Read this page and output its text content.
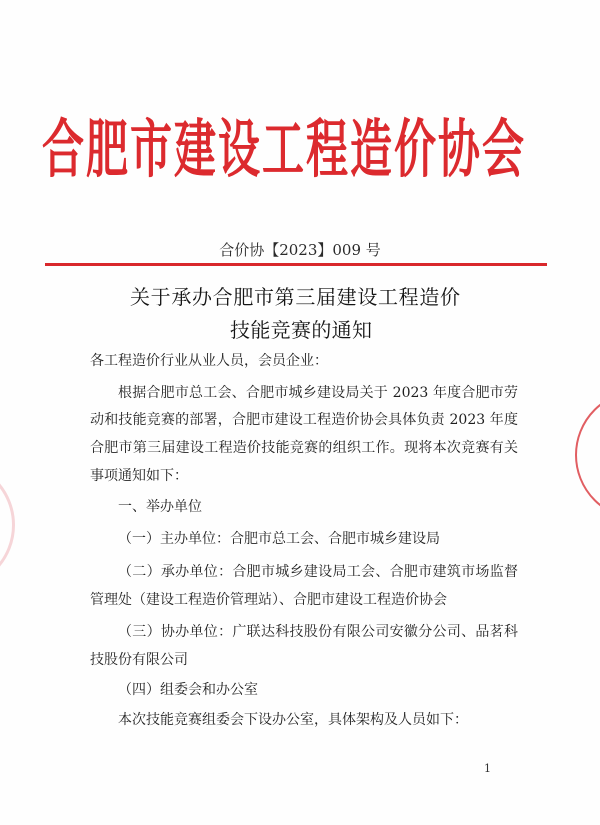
合肥市建设工程造价协会
合价协【2023】009 号
关于承办合肥市第三届建设工程造价
技能竞赛的通知
各工程造价行业从业人员，会员企业：
根据合肥市总工会、合肥市城乡建设局关于 2023 年度合肥市劳
动和技能竞赛的部署，合肥市建设工程造价协会具体负责 2023 年度
合肥市第三届建设工程造价技能竞赛的组织工作。现将本次竞赛有关
事项通知如下：
一、举办单位
（一）主办单位：合肥市总工会、合肥市城乡建设局
（二）承办单位：合肥市城乡建设局工会、合肥市建筑市场监督
管理处（建设工程造价管理站）、合肥市建设工程造价协会
（三）协办单位：广联达科技股份有限公司安徽分公司、品茗科
技股份有限公司
（四）组委会和办公室
本次技能竞赛组委会下设办公室，具体架构及人员如下：
1
